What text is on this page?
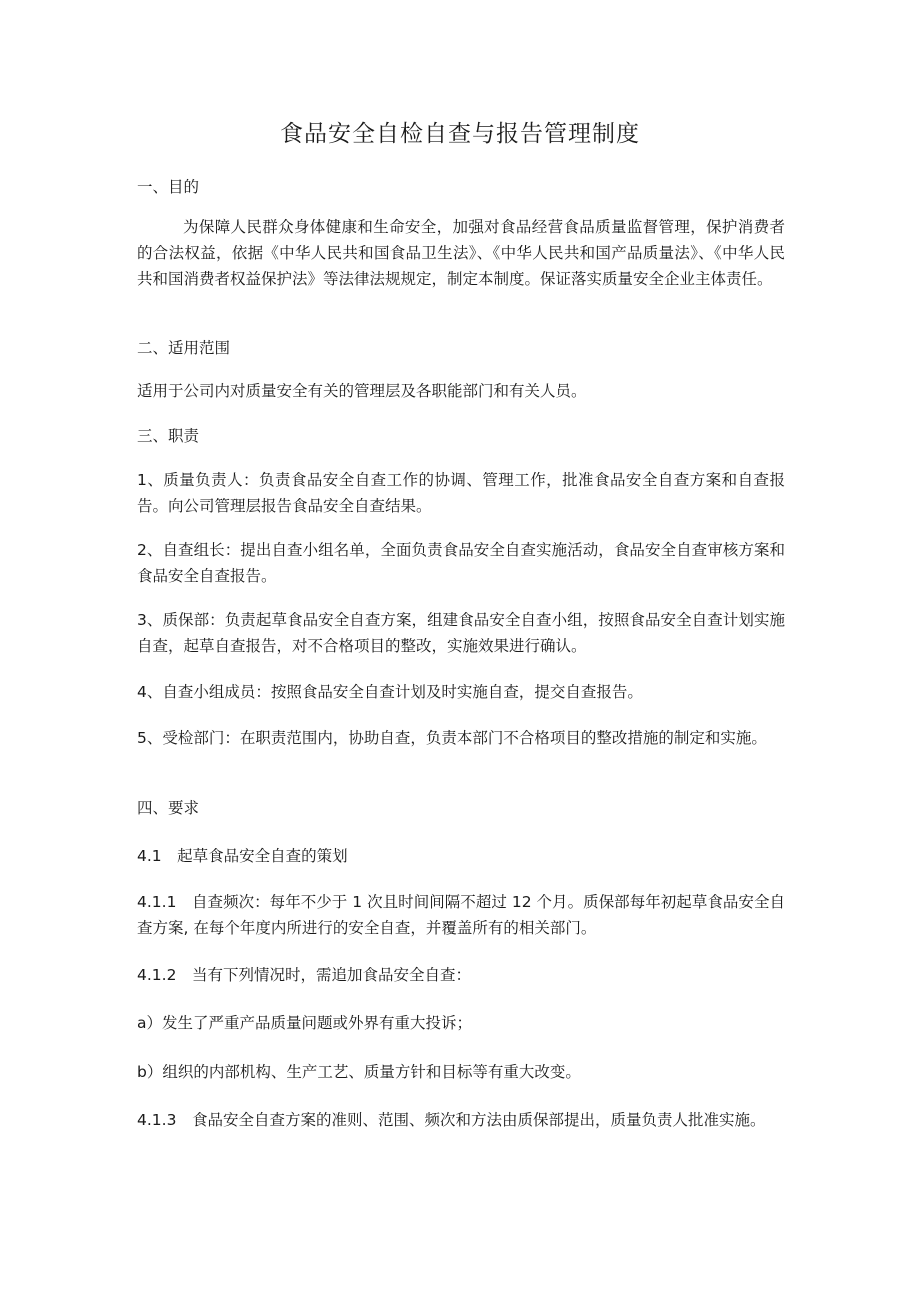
食品安全自检自查与报告管理制度

一、目的

为保障人民群众身体健康和生命安全，加强对食品经营食品质量监督管理，保护消费者的合法权益，依据《中华人民共和国食品卫生法》、《中华人民共和国产品质量法》、《中华人民共和国消费者权益保护法》等法律法规规定，制定本制度。保证落实质量安全企业主体责任。

二、适用范围

适用于公司内对质量安全有关的管理层及各职能部门和有关人员。

三、职责

1、质量负责人：负责食品安全自查工作的协调、管理工作，批准食品安全自查方案和自查报告。向公司管理层报告食品安全自查结果。

2、自查组长：提出自查小组名单，全面负责食品安全自查实施活动，食品安全自查审核方案和食品安全自查报告。

3、质保部：负责起草食品安全自查方案，组建食品安全自查小组，按照食品安全自查计划实施自查，起草自查报告，对不合格项目的整改，实施效果进行确认。

4、自查小组成员：按照食品安全自查计划及时实施自查，提交自查报告。

5、受检部门：在职责范围内，协助自查，负责本部门不合格项目的整改措施的制定和实施。

四、要求

4.1　起草食品安全自查的策划

4.1.1　自查频次：每年不少于 1 次且时间间隔不超过 12 个月。质保部每年初起草食品安全自查方案, 在每个年度内所进行的安全自查，并覆盖所有的相关部门。

4.1.2　当有下列情况时，需追加食品安全自查：

a）发生了严重产品质量问题或外界有重大投诉；

b）组织的内部机构、生产工艺、质量方针和目标等有重大改变。

4.1.3　食品安全自查方案的准则、范围、频次和方法由质保部提出，质量负责人批准实施。
